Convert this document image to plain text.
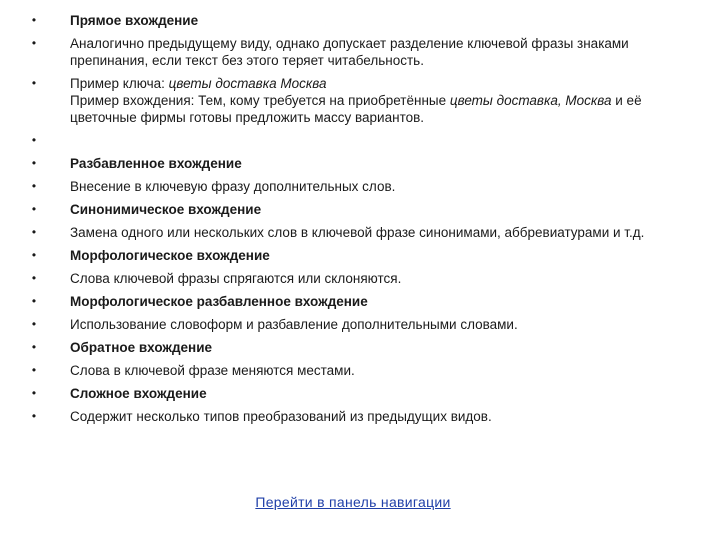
•	Прямое вхождение
•	Аналогично предыдущему виду, однако допускает разделение ключевой фразы знаками препинания, если текст без этого теряет читабельность.
•	Пример ключа: цветы доставка Москва
Пример вхождения: Тем, кому требуется на приобретённые цветы доставка, Москва и её цветочные фирмы готовы предложить массу вариантов.
•
•	Разбавленное вхождение
•	Внесение в ключевую фразу дополнительных слов.
•	Синонимическое вхождение
•	Замена одного или нескольких слов в ключевой фразе синонимами, аббревиатурами и т.д.
•	Морфологическое вхождение
•	Слова ключевой фразы спрягаются или склоняются.
•	Морфологическое разбавленное вхождение
•	Использование словоформ и разбавление дополнительными словами.
•	Обратное вхождение
•	Слова в ключевой фразе меняются местами.
•	Сложное вхождение
•	Содержит несколько типов преобразований из предыдущих видов.
Перейти в панель навигации
